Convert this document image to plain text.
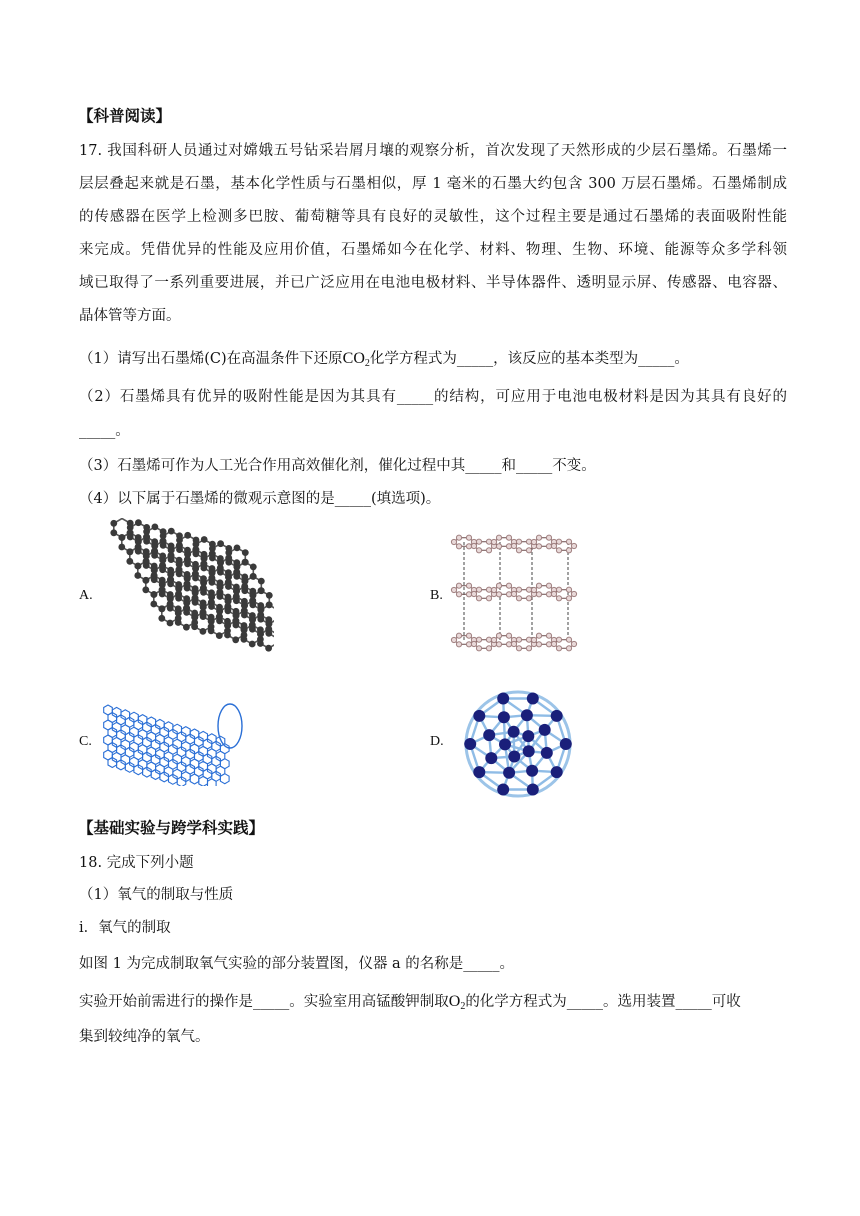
【科普阅读】
17. 我国科研人员通过对嫦娥五号钻采岩屑月壤的观察分析，首次发现了天然形成的少层石墨烯。石墨烯一
层层叠起来就是石墨，基本化学性质与石墨相似，厚 1 毫米的石墨大约包含 300 万层石墨烯。石墨烯制成
的传感器在医学上检测多巴胺、葡萄糖等具有良好的灵敏性，这个过程主要是通过石墨烯的表面吸附性能
来完成。凭借优异的性能及应用价值，石墨烯如今在化学、材料、物理、生物、环境、能源等众多学科领
域已取得了一系列重要进展，并已广泛应用在电池电极材料、半导体器件、透明显示屏、传感器、电容器、
晶体管等方面。
（1）请写出石墨烯(C)在高温条件下还原$CO_2$化学方程式为_____，该反应的基本类型为_____。
（2）石墨烯具有优异的吸附性能是因为其具有_____的结构，可应用于电池电极材料是因为其具有良好的
_____。
（3）石墨烯可作为人工光合作用高效催化剂，催化过程中其_____和_____不变。
（4）以下属于石墨烯的微观示意图的是_____(填选项)。
A.	B.
C.	D.
【基础实验与跨学科实践】
18. 完成下列小题
（1）氧气的制取与性质
i．氧气的制取
如图 1 为完成制取氧气实验的部分装置图，仪器 a 的名称是_____。
实验开始前需进行的操作是_____。实验室用高锰酸钾制取$O_2$的化学方程式为_____。选用装置_____可收
集到较纯净的氧气。
